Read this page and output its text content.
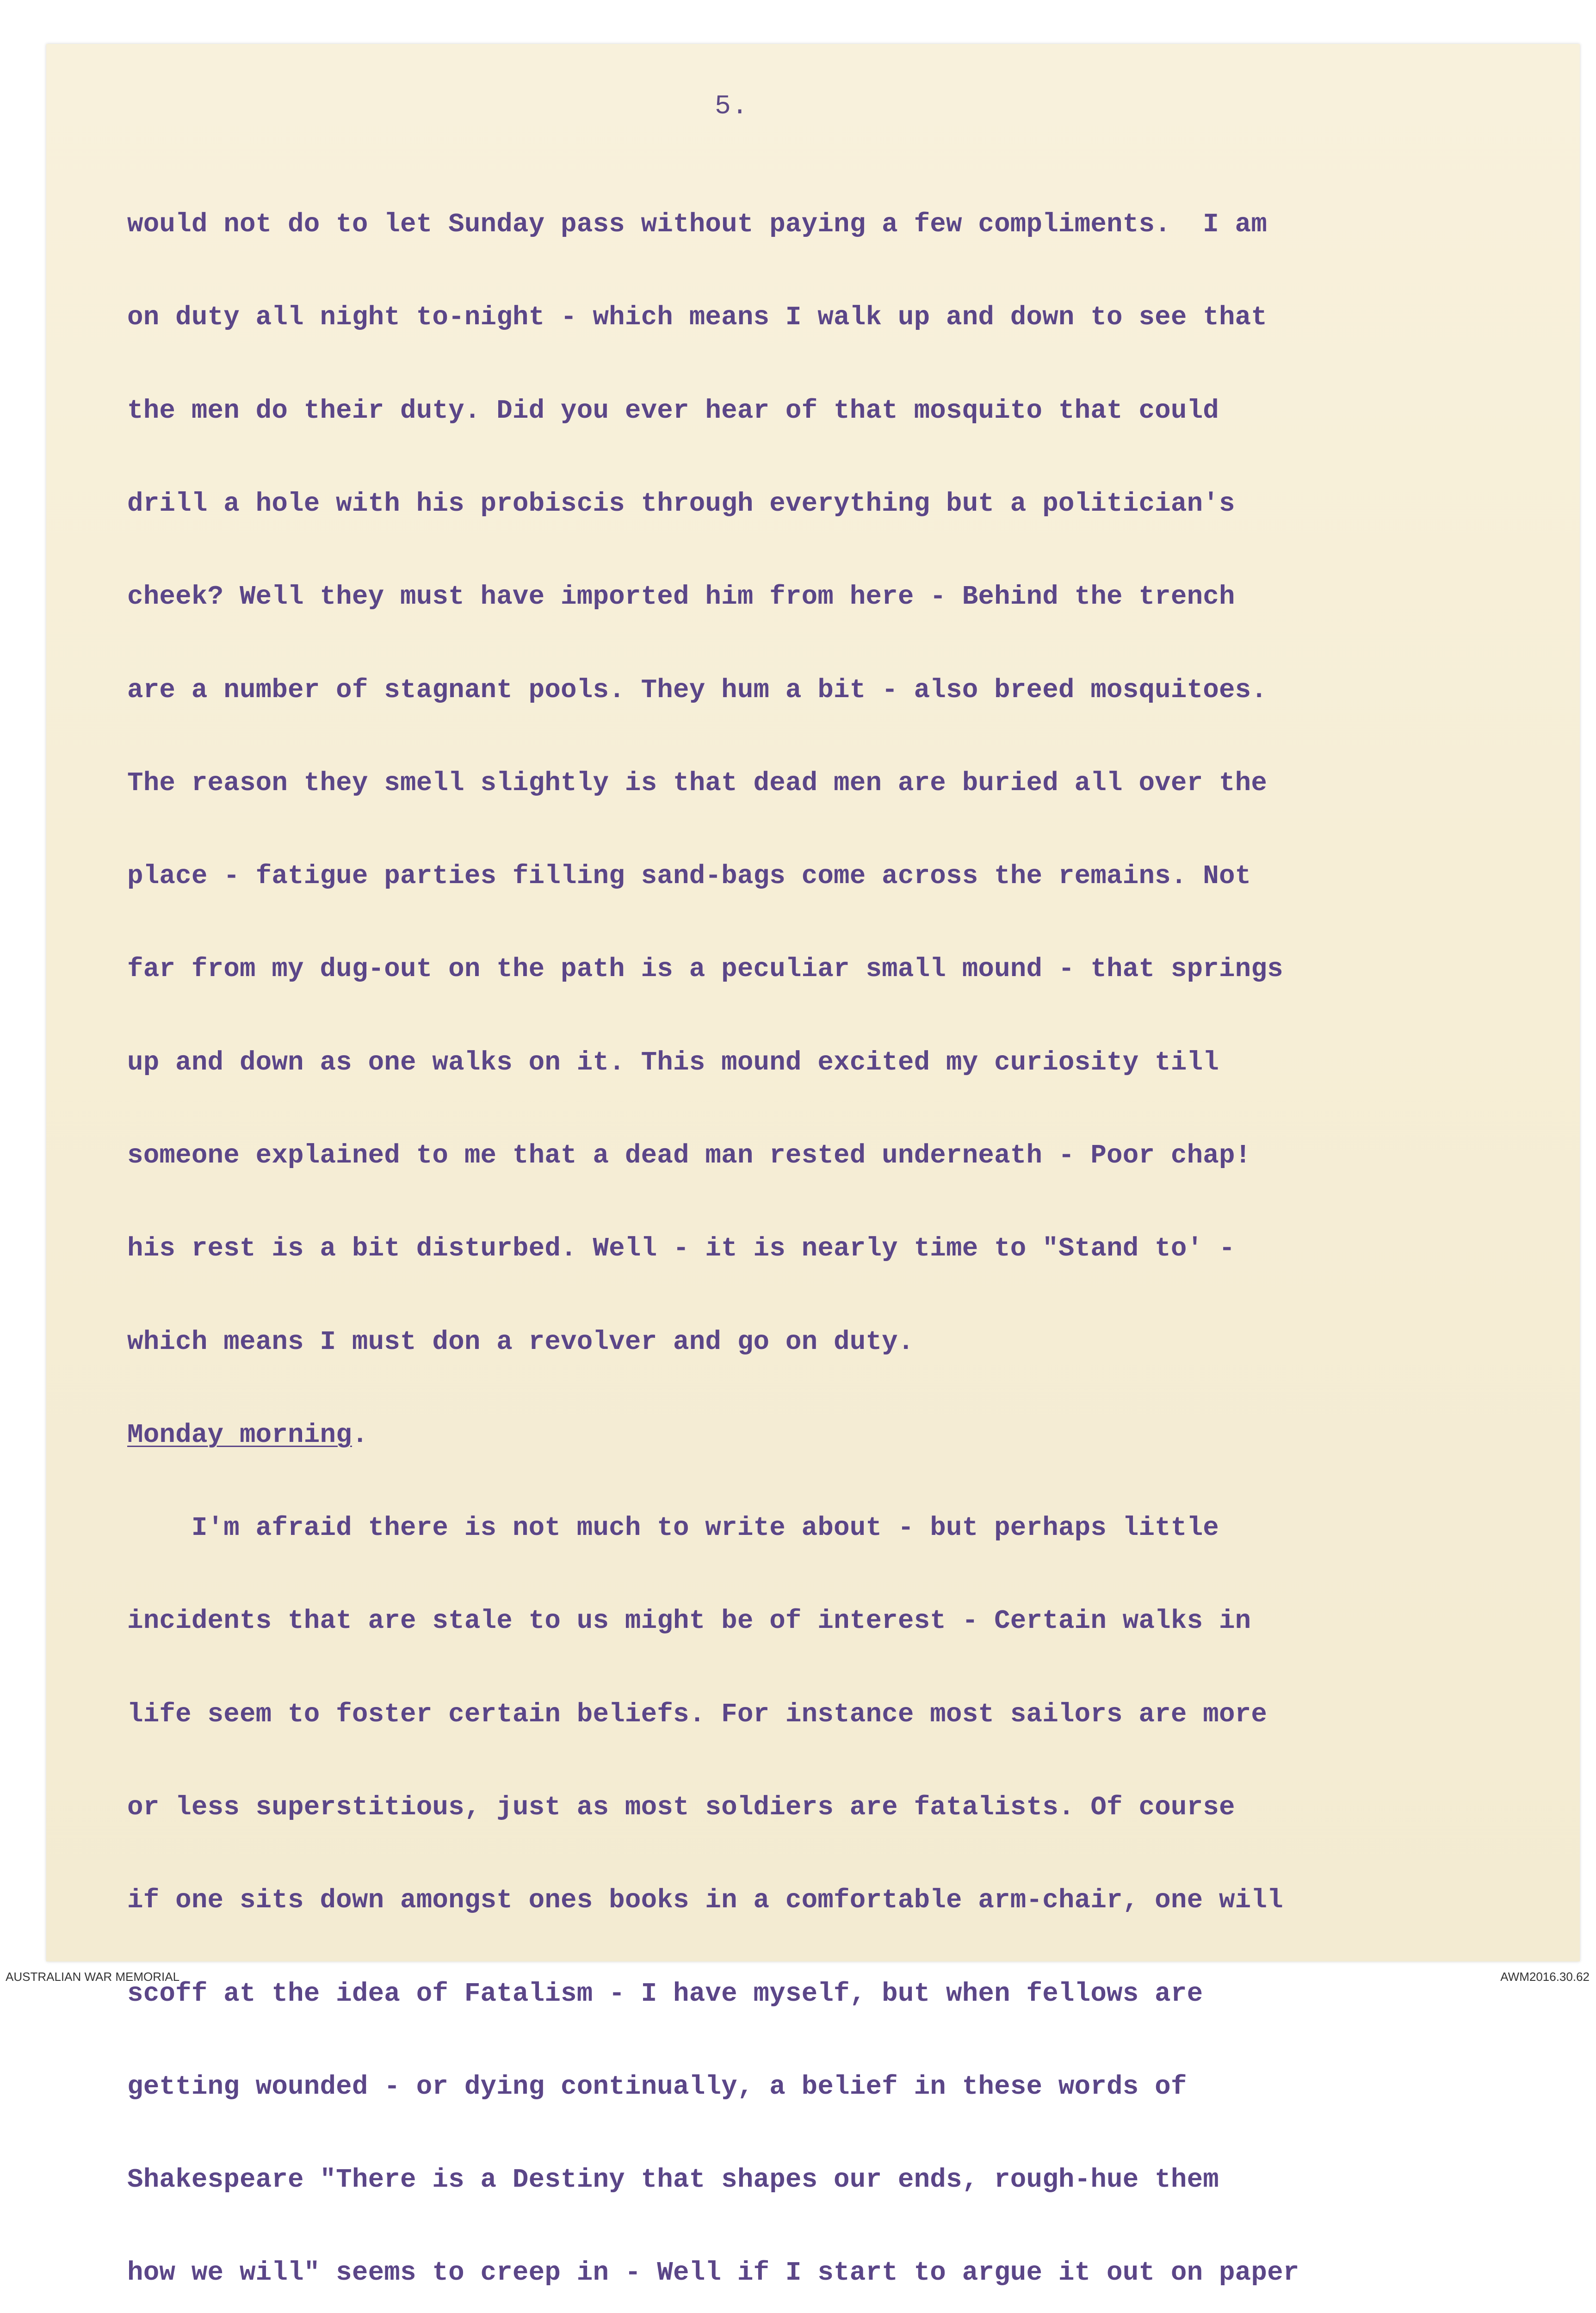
5.

would not do to let Sunday pass without paying a few compliments.  I am

on duty all night to-night - which means I walk up and down to see that

the men do their duty. Did you ever hear of that mosquito that could

drill a hole with his probiscis through everything but a politician's

cheek? Well they must have imported him from here - Behind the trench

are a number of stagnant pools. They hum a bit - also breed mosquitoes.

The reason they smell slightly is that dead men are buried all over the

place - fatigue parties filling sand-bags come across the remains. Not

far from my dug-out on the path is a peculiar small mound - that springs

up and down as one walks on it. This mound excited my curiosity till

someone explained to me that a dead man rested underneath - Poor chap!

his rest is a bit disturbed. Well - it is nearly time to "Stand to' -

which means I must don a revolver and go on duty.

Monday morning.

I'm afraid there is not much to write about - but perhaps little

incidents that are stale to us might be of interest - Certain walks in

life seem to foster certain beliefs. For instance most sailors are more

or less superstitious, just as most soldiers are fatalists. Of course

if one sits down amongst ones books in a comfortable arm-chair, one will

scoff at the idea of Fatalism - I have myself, but when fellows are

getting wounded - or dying continually, a belief in these words of

Shakespeare "There is a Destiny that shapes our ends, rough-hue them

how we will" seems to creep in - Well if I start to argue it out on paper

AUSTRALIAN WAR MEMORIAL	AWM2016.30.62
